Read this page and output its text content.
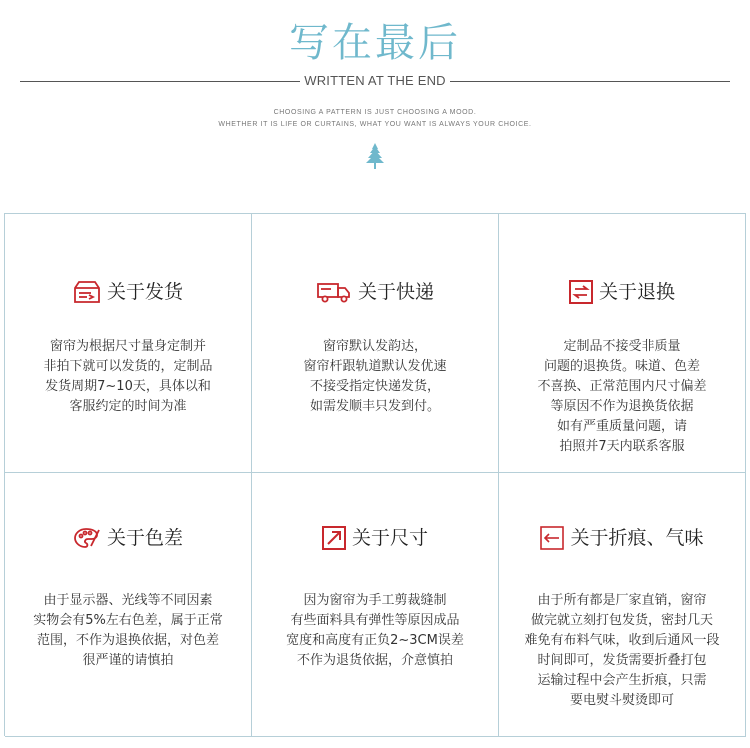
写在最后
WRITTEN AT THE END
CHOOSING A PATTERN IS JUST CHOOSING A MOOD.
WHETHER IT IS LIFE OR CURTAINS, WHAT YOU WANT IS ALWAYS YOUR CHOICE.
关于发货
窗帘为根据尺寸量身定制并
非拍下就可以发货的，定制品
发货周期7~10天，具体以和
客服约定的时间为准
关于快递
窗帘默认发韵达，
窗帘杆跟轨道默认发优速
不接受指定快递发货，
如需发顺丰只发到付。
关于退换
定制品不接受非质量
问题的退换货。味道、色差
不喜换、正常范围内尺寸偏差
等原因不作为退换货依据
如有严重质量问题，请
拍照并7天内联系客服
关于色差
由于显示器、光线等不同因素
实物会有5%左右色差，属于正常
范围，不作为退换依据，对色差
很严谨的请慎拍
关于尺寸
因为窗帘为手工剪裁缝制
有些面料具有弹性等原因成品
宽度和高度有正负2~3CM误差
不作为退货依据，介意慎拍
关于折痕、气味
由于所有都是厂家直销，窗帘
做完就立刻打包发货，密封几天
难免有布料气味，收到后通风一段
时间即可，发货需要折叠打包
运输过程中会产生折痕，只需
要电熨斗熨烫即可
